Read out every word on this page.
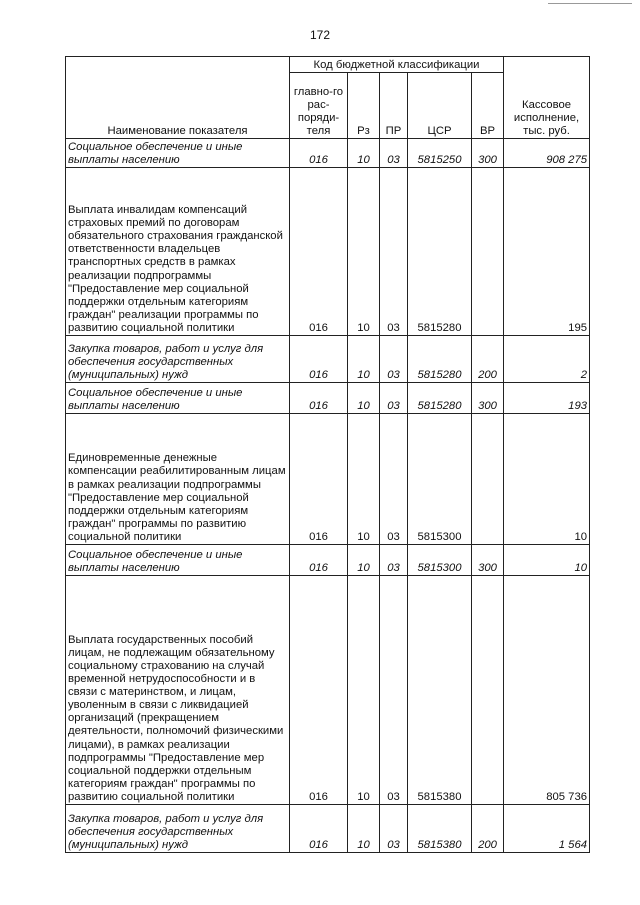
172
Наименование показателя	Код бюджетной классификации					Кассовое исполнение, тыс. руб.
	главно-го рас-поряди-теля	Рз	ПР	ЦСР	ВР	
Социальное обеспечение и иные выплаты населению	016	10	03	5815250	300	908 275
Выплата инвалидам компенсаций страховых премий по договорам обязательного страхования гражданской ответственности владельцев транспортных средств в рамках реализации подпрограммы "Предоставление мер социальной поддержки отдельным категориям граждан" реализации программы по развитию социальной политики	016	10	03	5815280		195
Закупка товаров, работ и услуг для обеспечения государственных (муниципальных) нужд	016	10	03	5815280	200	2
Социальное обеспечение и иные выплаты населению	016	10	03	5815280	300	193
Единовременные денежные компенсации реабилитированным лицам в рамках реализации подпрограммы "Предоставление мер социальной поддержки отдельным категориям граждан" программы по развитию социальной политики	016	10	03	5815300		10
Социальное обеспечение и иные выплаты населению	016	10	03	5815300	300	10
Выплата государственных пособий лицам, не подлежащим обязательному социальному страхованию на случай временной нетрудоспособности и в связи с материнством, и лицам, уволенным в связи с ликвидацией организаций (прекращением деятельности, полномочий физическими лицами), в рамках реализации подпрограммы "Предоставление мер социальной поддержки отдельным категориям граждан" программы по развитию социальной политики	016	10	03	5815380		805 736
Закупка товаров, работ и услуг для обеспечения государственных (муниципальных) нужд	016	10	03	5815380	200	1 564
